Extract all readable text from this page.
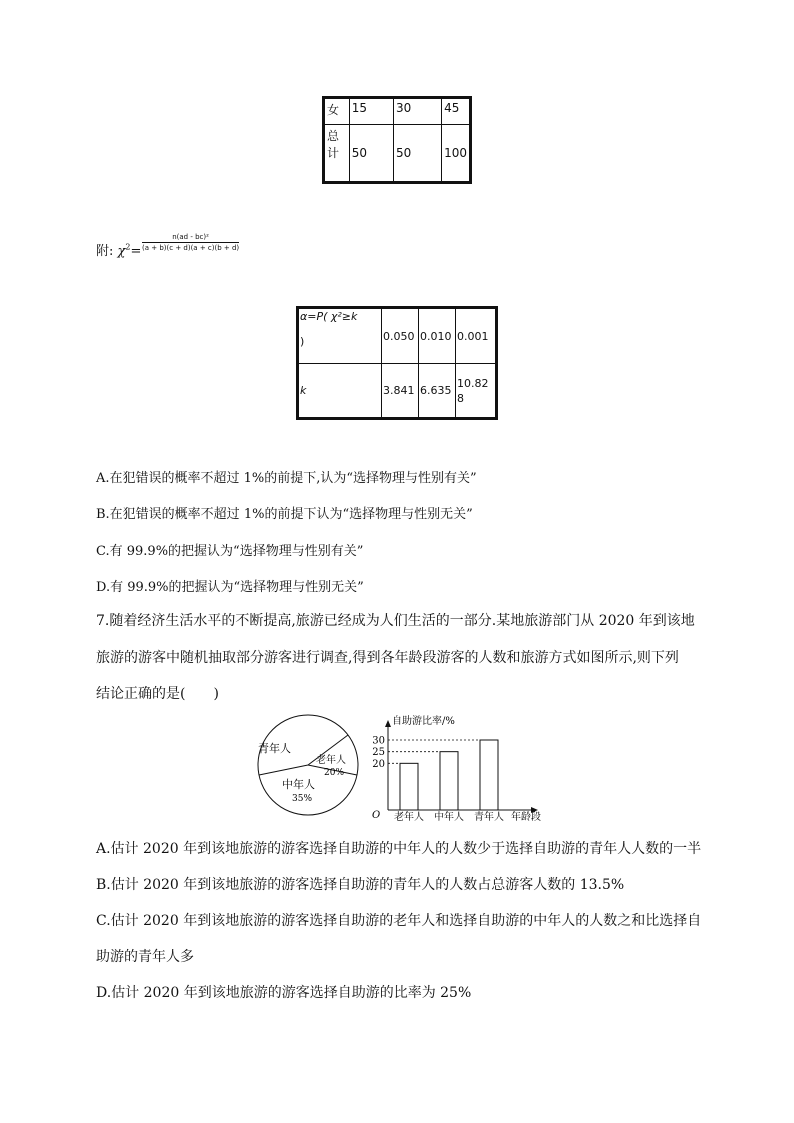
女	15	30	45

总
计	50	50	100
附: $\chi^2= \frac{\text{n(ad - bc)²}}{(a + b)(c + d)(a + c)(b + d)}$
α=P( χ²≥k
)	0.050	0.010	0.001
k	3.841	6.635	10.82
8
A.在犯错误的概率不超过 1%的前提下,认为“选择物理与性别有关”
B.在犯错误的概率不超过 1%的前提下认为“选择物理与性别无关”
C.有 99.9%的把握认为“选择物理与性别有关”
D.有 99.9%的把握认为“选择物理与性别无关”
7.随着经济生活水平的不断提高,旅游已经成为人们生活的一部分.某地旅游部门从 2020 年到该地
旅游的游客中随机抽取部分游客进行调查,得到各年龄段游客的人数和旅游方式如图所示,则下列
结论正确的是(　　)
青年人
老年人
20%
中年人
35%
自助游比率/%
O	年龄段
20
老年人
25
中年人
30
青年人
A.估计 2020 年到该地旅游的游客选择自助游的中年人的人数少于选择自助游的青年人人数的一半
B.估计 2020 年到该地旅游的游客选择自助游的青年人的人数占总游客人数的 13.5%
C.估计 2020 年到该地旅游的游客选择自助游的老年人和选择自助游的中年人的人数之和比选择自
助游的青年人多
D.估计 2020 年到该地旅游的游客选择自助游的比率为 25%
